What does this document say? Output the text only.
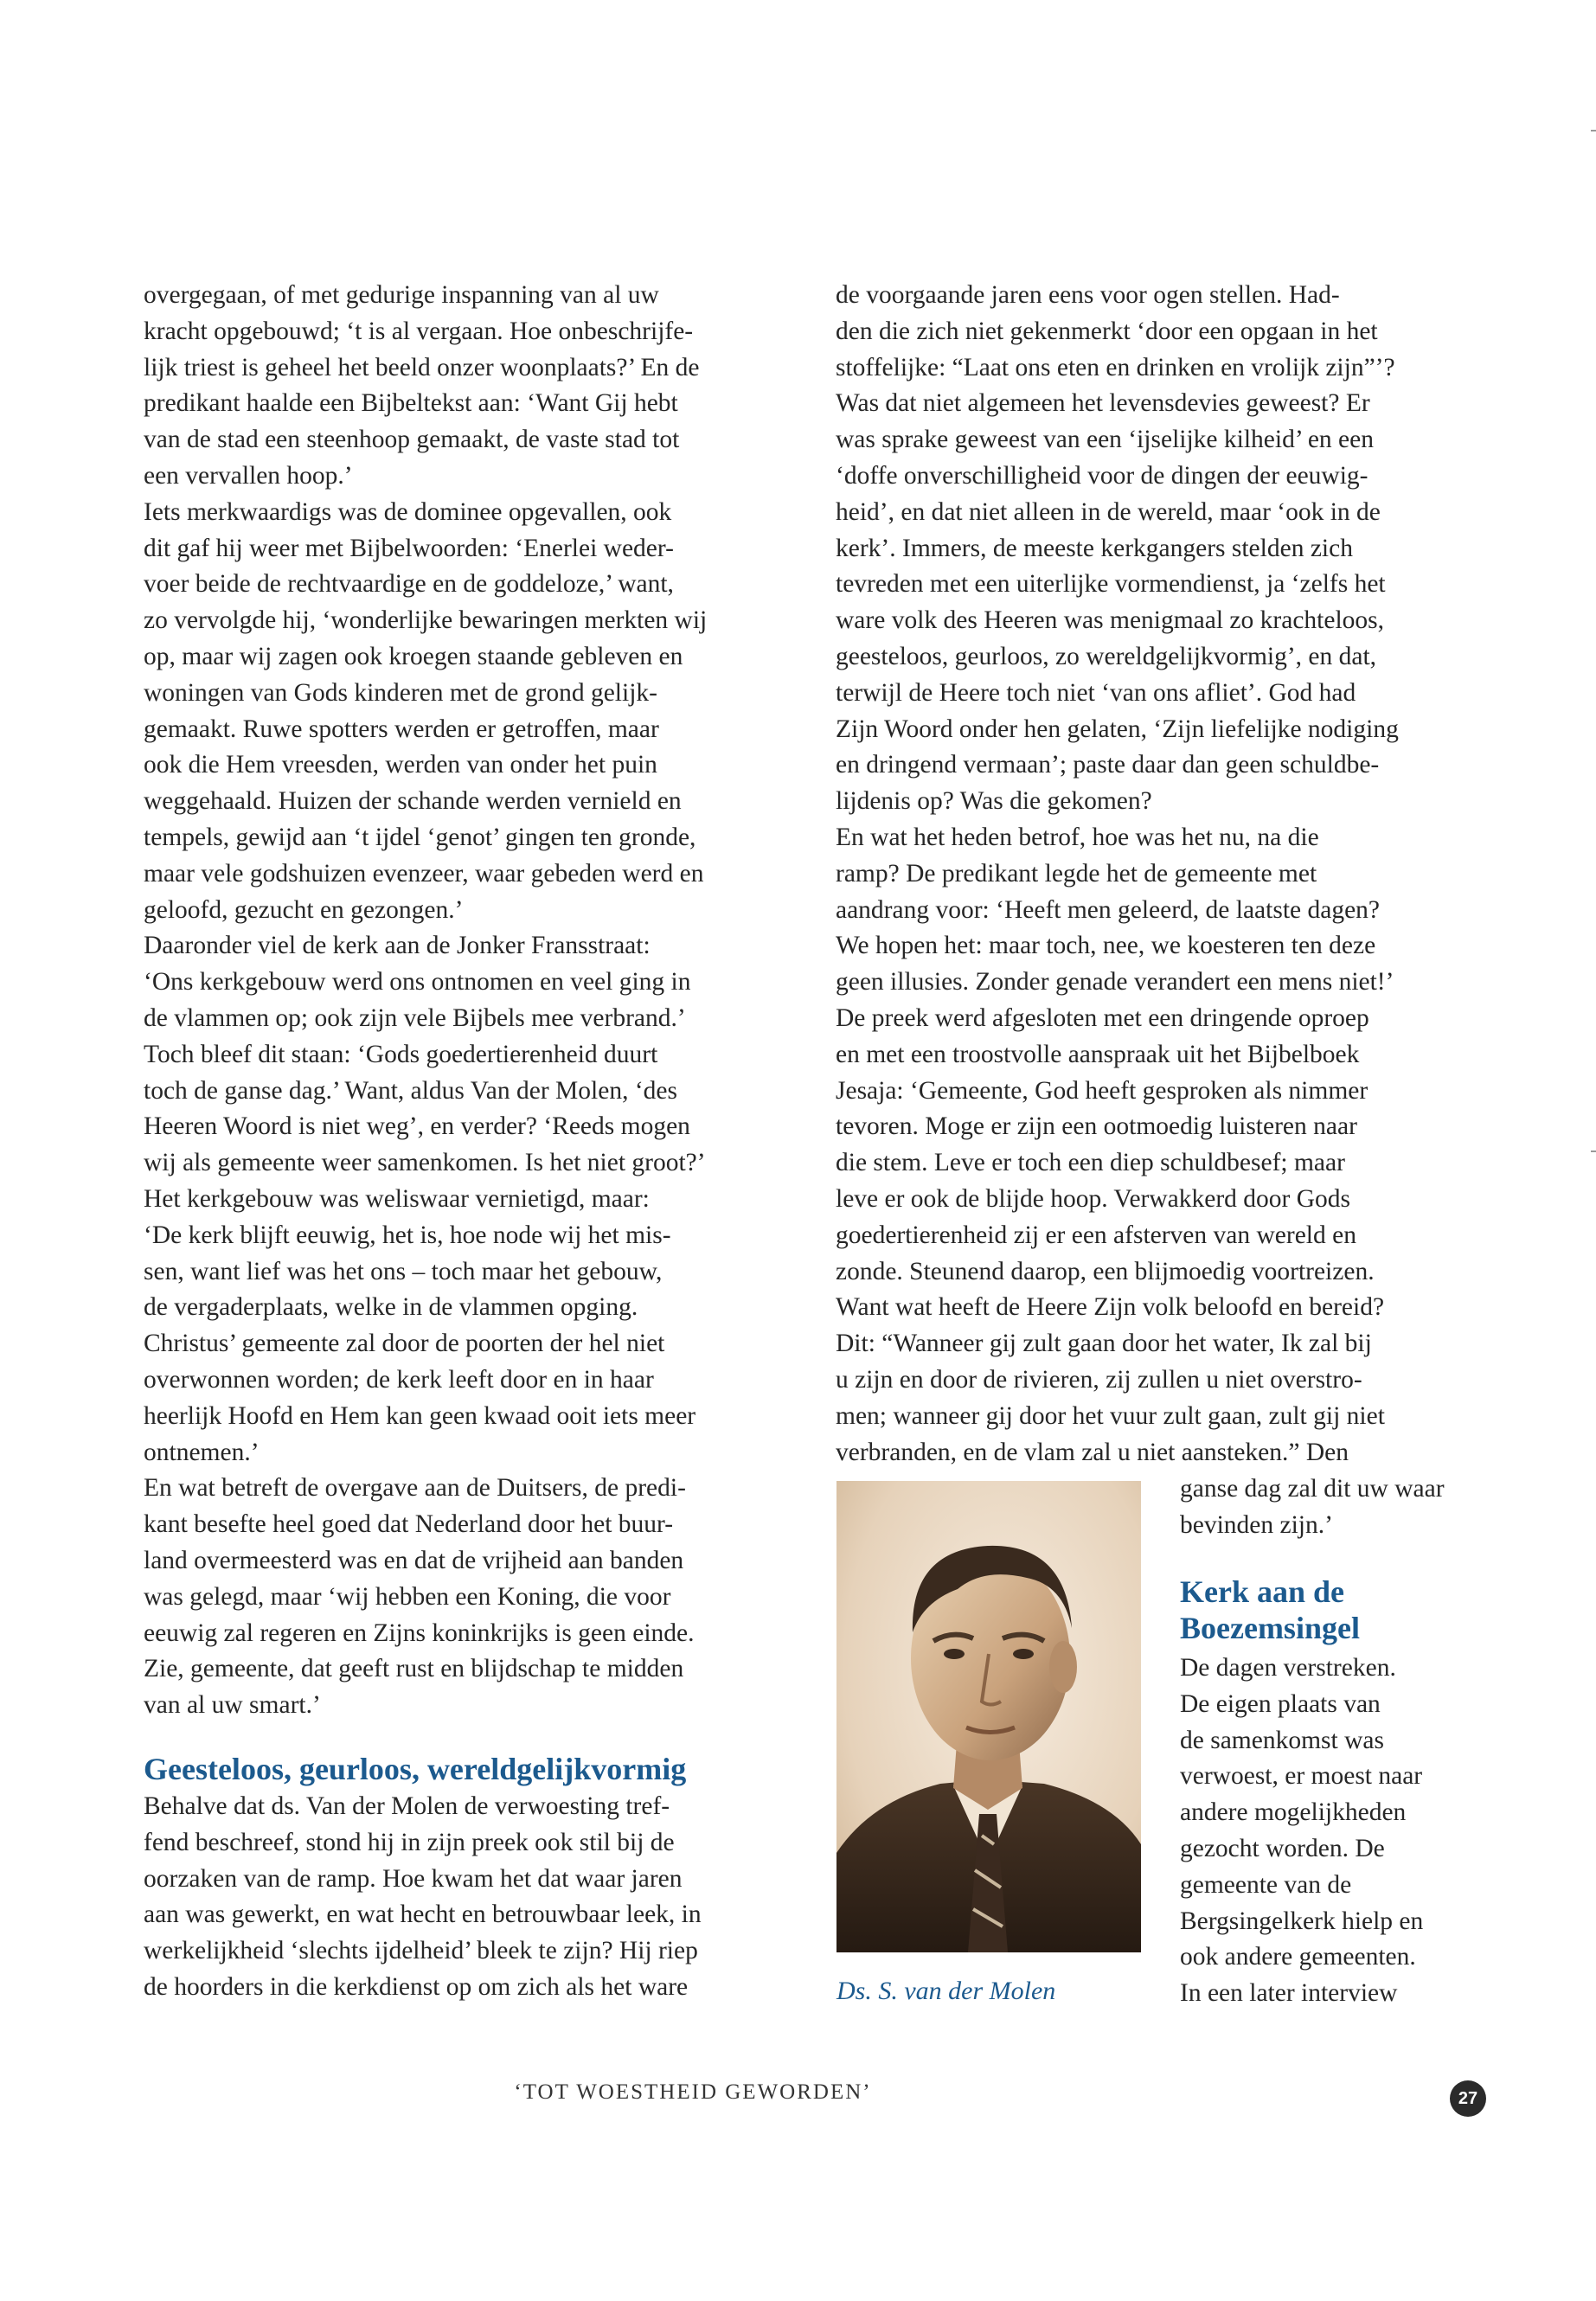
overgegaan, of met gedurige inspanning van al uw
kracht opgebouwd; ‘t is al vergaan. Hoe onbeschrijfe-
lijk triest is geheel het beeld onzer woonplaats?’ En de
predikant haalde een Bijbeltekst aan: ‘Want Gij hebt
van de stad een steenhoop gemaakt, de vaste stad tot
een vervallen hoop.’
Iets merkwaardigs was de dominee opgevallen, ook
dit gaf hij weer met Bijbelwoorden: ‘Enerlei weder-
voer beide de rechtvaardige en de goddeloze,’ want,
zo vervolgde hij, ‘wonderlijke bewaringen merkten wij
op, maar wij zagen ook kroegen staande gebleven en
woningen van Gods kinderen met de grond gelijk-
gemaakt. Ruwe spotters werden er getroffen, maar
ook die Hem vreesden, werden van onder het puin
weggehaald. Huizen der schande werden vernield en
tempels, gewijd aan ‘t ijdel ‘genot’ gingen ten gronde,
maar vele godshuizen evenzeer, waar gebeden werd en
geloofd, gezucht en gezongen.’
Daaronder viel de kerk aan de Jonker Fransstraat:
‘Ons kerkgebouw werd ons ontnomen en veel ging in
de vlammen op; ook zijn vele Bijbels mee verbrand.’
Toch bleef dit staan: ‘Gods goedertierenheid duurt
toch de ganse dag.’ Want, aldus Van der Molen, ‘des
Heeren Woord is niet weg’, en verder? ‘Reeds mogen
wij als gemeente weer samenkomen. Is het niet groot?’
Het kerkgebouw was weliswaar vernietigd, maar:
‘De kerk blijft eeuwig, het is, hoe node wij het mis-
sen, want lief was het ons – toch maar het gebouw,
de vergaderplaats, welke in de vlammen opging.
Christus’ gemeente zal door de poorten der hel niet
overwonnen worden; de kerk leeft door en in haar
heerlijk Hoofd en Hem kan geen kwaad ooit iets meer
ontnemen.’
En wat betreft de overgave aan de Duitsers, de predi-
kant besefte heel goed dat Nederland door het buur-
land overmeesterd was en dat de vrijheid aan banden
was gelegd, maar ‘wij hebben een Koning, die voor
eeuwig zal regeren en Zijns koninkrijks is geen einde.
Zie, gemeente, dat geeft rust en blijdschap te midden
van al uw smart.’
Geesteloos, geurloos, wereldgelijkvormig
Behalve dat ds. Van der Molen de verwoesting tref-
fend beschreef, stond hij in zijn preek ook stil bij de
oorzaken van de ramp. Hoe kwam het dat waar jaren
aan was gewerkt, en wat hecht en betrouwbaar leek, in
werkelijkheid ‘slechts ijdelheid’ bleek te zijn? Hij riep
de hoorders in die kerkdienst op om zich als het ware
de voorgaande jaren eens voor ogen stellen. Had-
den die zich niet gekenmerkt ‘door een opgaan in het
stoffelijke: “Laat ons eten en drinken en vrolijk zijn”’?
Was dat niet algemeen het levensdevies geweest? Er
was sprake geweest van een ‘ijselijke kilheid’ en een
‘doffe onverschilligheid voor de dingen der eeuwig-
heid’, en dat niet alleen in de wereld, maar ‘ook in de
kerk’. Immers, de meeste kerkgangers stelden zich
tevreden met een uiterlijke vormendienst, ja ‘zelfs het
ware volk des Heeren was menigmaal zo krachteloos,
geesteloos, geurloos, zo wereldgelijkvormig’, en dat,
terwijl de Heere toch niet ‘van ons afliet’. God had
Zijn Woord onder hen gelaten, ‘Zijn liefelijke nodiging
en dringend vermaan’; paste daar dan geen schuldbe-
lijdenis op? Was die gekomen?
En wat het heden betrof, hoe was het nu, na die
ramp? De predikant legde het de gemeente met
aandrang voor: ‘Heeft men geleerd, de laatste dagen?
We hopen het: maar toch, nee, we koesteren ten deze
geen illusies. Zonder genade verandert een mens niet!’
De preek werd afgesloten met een dringende oproep
en met een troostvolle aanspraak uit het Bijbelboek
Jesaja: ‘Gemeente, God heeft gesproken als nimmer
tevoren. Moge er zijn een ootmoedig luisteren naar
die stem. Leve er toch een diep schuldbesef; maar
leve er ook de blijde hoop. Verwakkerd door Gods
goedertierenheid zij er een afsterven van wereld en
zonde. Steunend daarop, een blijmoedig voortreizen.
Want wat heeft de Heere Zijn volk beloofd en bereid?
Dit: “Wanneer gij zult gaan door het water, Ik zal bij
u zijn en door de rivieren, zij zullen u niet overstro-
men; wanneer gij door het vuur zult gaan, zult gij niet
verbranden, en de vlam zal u niet aansteken.” Den
Ds. S. van der Molen
ganse dag zal dit uw waar
bevinden zijn.’
Kerk aan de
Boezemsingel
De dagen verstreken.
De eigen plaats van
de samenkomst was
verwoest, er moest naar
andere mogelijkheden
gezocht worden. De
gemeente van de
Bergsingelkerk hielp en
ook andere gemeenten.
In een later interview
‘TOT WOESTHEID GEWORDEN’	27
